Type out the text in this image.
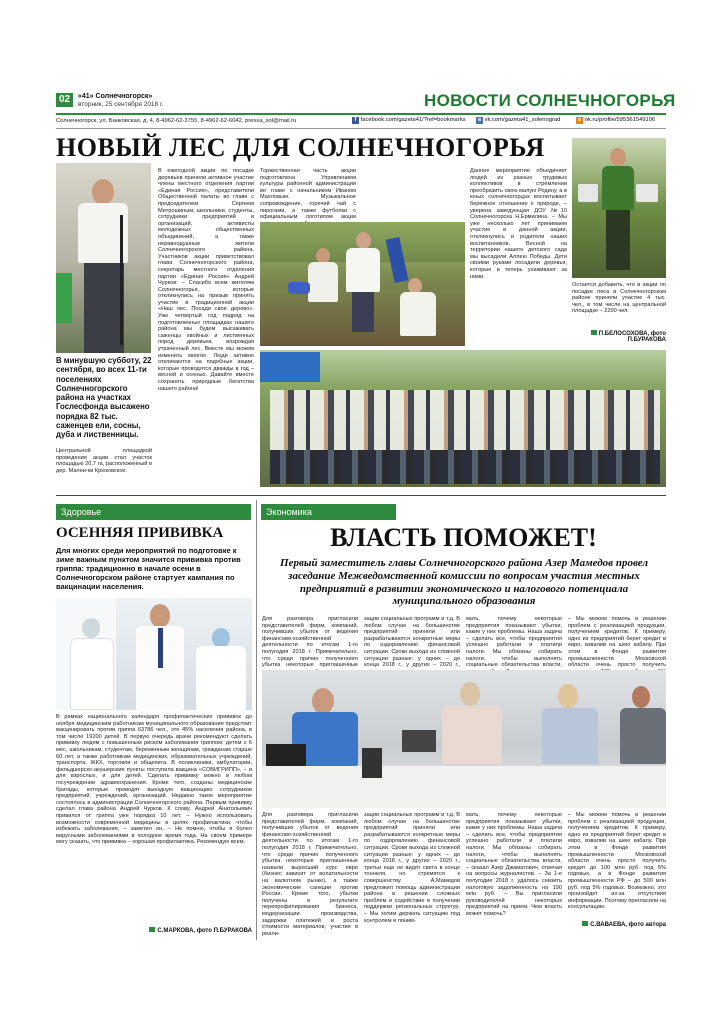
02	«41» Солнечногорск»
вторник, 25 сентября 2018 г.	НОВОСТИ СОЛНЕЧНОГОРЬЯ
Солнечногорск, ул. Банковская, д. 4, 8-4962-62-3755, 8-4962-62-6042, pressa_sol@mail.ru	f facebook.com/gazeta41/?ref=bookmarks	в vk.com/gazeta41_solenograd	о ok.ru/profile/595361549106
НОВЫЙ ЛЕС ДЛЯ СОЛНЕЧНОГОРЬЯ
В минувшую субботу, 22 сентября, во всех 11-ти поселениях Солнечногорского района на участках Гослесфонда высажено порядка 82 тыс. саженцев ели, сосны, дуба и лиственницы.
Центральной площадкой проведения акции стал участок площадью 20,7 га, расположенный в дер. Малеи-ки Крюковское.
В ежегодной акции по посадке деревьев приняли активное участие члены местного отделения партии «Единая Россия», представители Общественной палаты во главе с председателем Сергеем Митрошиным, школьники, студенты, сотрудники предприятий и организаций, активисты молодежных общественных объединений, а также неравнодушные жители Солнечногорского района. Участников акции приветствовал глава Солнечногорского района, секретарь местного отделения партии «Единая Россия» Андрей Чурков: – Спасибо всем жителям Солнечногорья, которые откликнулись на призыв принять участие в традиционной акции «Наш лес. Посади свое дерево». Уже четвертый год подряд на подготовленных площадках нашего района мы будем высаживать саженцы хвойных и лиственных пород деревьев, возрождая утраченный лес. Вместе мы можем изменить многое. Люди активно откликаются на подобные акции, которые проводятся дважды в год – весной и осенью. Давайте вместе сохранять природные богатства нашего района!
Торжественная часть акции подготовлена Управлением культуры районной администрации во главе с начальником Иваном Махловым. Музыкальное сопровождение, горячий чай с пирогами, а также футболки с официальным логотипом акции
Данное мероприятие объединяет людей из разных трудовых коллективов в стремлении преобразить свою малую Родину, а в юных солнечногорцах воспитывает бережное отношение к природе, – уверена заведующая ДОУ №10 Солнечногорска Н.Ермилина. – Мы уже несколько лет принимаем участие в данной акции, откликнулись и родители наших воспитанников. Весной на территории нашего детского сада мы высадили Аллею Победы. Дети своими руками посадили деревья, которые и теперь ухаживают за ними.
Остается добавить, что в акции по посадке леса в Солнечногорском районе приняли участие 4 тыс. чел., в том числе на центральной площадке – 2200 чел.
П.БЕЛОСОХОВА, фото П.БУРАКОВА
Здоровье
ОСЕННЯЯ ПРИВИВКА
Для многих среди мероприятий по подготовке к зиме важным пунктом значится прививка против гриппа: традиционно в начале осени в Солнечногорском районе стартует кампания по вакцинации населения.
В рамках национального календаря профилактических прививок до ноября медицинским работникам муниципального образования предстоит вакцинировать против гриппа 63786 чел., это 45% населения района, в том числе 19200 детей. В первую очередь врачи рекомендуют сделать прививку людям с повышенным риском заболевания гриппом: детям с 6 мес, школьникам, студентам, беременным женщинам, гражданам старше 60 лет, а также работникам медицинских, образовательных учреждений, транспорта, ЖКХ, торговли и общепита. В поликлиники, амбулатории, фельдшерско-акушерские пункты поступила вакцина «СОВИГРИПП», – и для взрослых, и для детей. Сделать прививку можно в любом госучреждении здравоохранения. Кроме того, созданы медицинские бригады, которые проводят выездную вакцинацию сотрудников предприятий, учреждений, организаций. Недавно такое мероприятие состоялось в администрации Солнечногорского района. Первым прививку сделал глава района Андрей Чурков. К слову, Андрей Анатольевич привился от гриппа уже порядка 10 лет. – Нужно использовать возможности современной медицины в целях профилактики, чтобы избежать заболевания, – заметил он. – Не помню, чтобы я болел вирусными заболеваниями в холодное время года. На своем примере могу сказать, что прививка – хорошая профилактика. Рекомендую всем.
С.МАРКОВА, фото П.БУРАКОВА
Экономика
ВЛАСТЬ ПОМОЖЕТ!
Первый заместитель главы Солнечногорского района Азер Мамедов провел заседание Межведомственной комиссии по вопросам участия местных предприятий в развитии экономического и налогового потенциала муниципального образования
Для разговора пригласили представителей фирм, компаний, получивших убыток от ведения финансово-хозяйственной деятельности по итогам 1-го полугодия 2018 г. Примечательно, что среди причин полученного убытка некоторые приглашенные
зации социальных программ и т.д. В любом случае на большинстве предприятий приняли или разрабатываются конкретные меры по оздоровлению финансовой ситуации. Сроки выхода из сложной ситуации разные: у одних – до конца 2018 г., у других – 2020 г.,
мать, почему некоторые предприятия показывают убытки, какие у них проблемы. Наша задача – сделать все, чтобы предприятия успешно работали и платили налоги. Мы обязаны собирать налоги, чтобы выполнять социальные обязательства власти,
– Мы можем помочь в решении проблем с реализацией продукции, получением кредитов. К примеру, одно из предприятий берет кредит в евро, взвалив на шею кабалу. При этом в Фонде развития промышленности Московской области очень просто получить
Для разговора пригласили представителей фирм, компаний, получивших убыток от ведения финансово-хозяйственной деятельности по итогам 1-го полугодия 2018 г. Примечательно, что среди причин полученного убытка некоторые приглашенные назвали выросший курс евро (бизнес зависит от волатильности на валютном рынке), а также экономические санкции против России. Кроме того, убытки получены в результате перепрофилирования бизнеса, модернизации производства, задержки платежей и роста стоимости материалов, участия в реали-
зации социальных программ и т.д. В любом случае на большинстве предприятий приняли или разрабатываются конкретные меры по оздоровлению финансовой ситуации. Сроки выхода из сложной ситуации разные: у одних – до конца 2018 г., у других – 2020 г., третьи еще не видят света в конце тоннеля, но стремятся к совершенству. А.Мамедов предложил помощь администрации района в решении сложных проблем и содействие в получении поддержки региональных структур. – Мы хотим держать ситуацию под контролем и поним-
мать, почему некоторые предприятия показывают убытки, какие у них проблемы. Наша задача – сделать все, чтобы предприятия успешно работали и платили налоги. Мы обязаны собирать налоги, чтобы выполнять социальные обязательства власти, – сказал Азер Джаматович, отвечая на вопросы журналистов. – За 1-е полугодие 2018 г. удалось снизить налоговую задолженность на 190 млн руб. – Вы пригласили руководителей некоторых предприятий на прием. Чем власть может помочь?
– Мы можем помочь в решении проблем с реализацией продукции, получением кредитов. К примеру, одно из предприятий берет кредит в евро, взвалив на шею кабалу. При этом в Фонде развития промышленности Московской области очень просто получить кредит до 100 млн руб. под 5% годовых, а в Фонде развития промышленности РФ – до 500 млн руб. под 5% годовых. Возможно, это произойдет из-за отсутствия информации. Поэтому пригласили на консультацию.
С.ВАВАЕВА, фото автора
